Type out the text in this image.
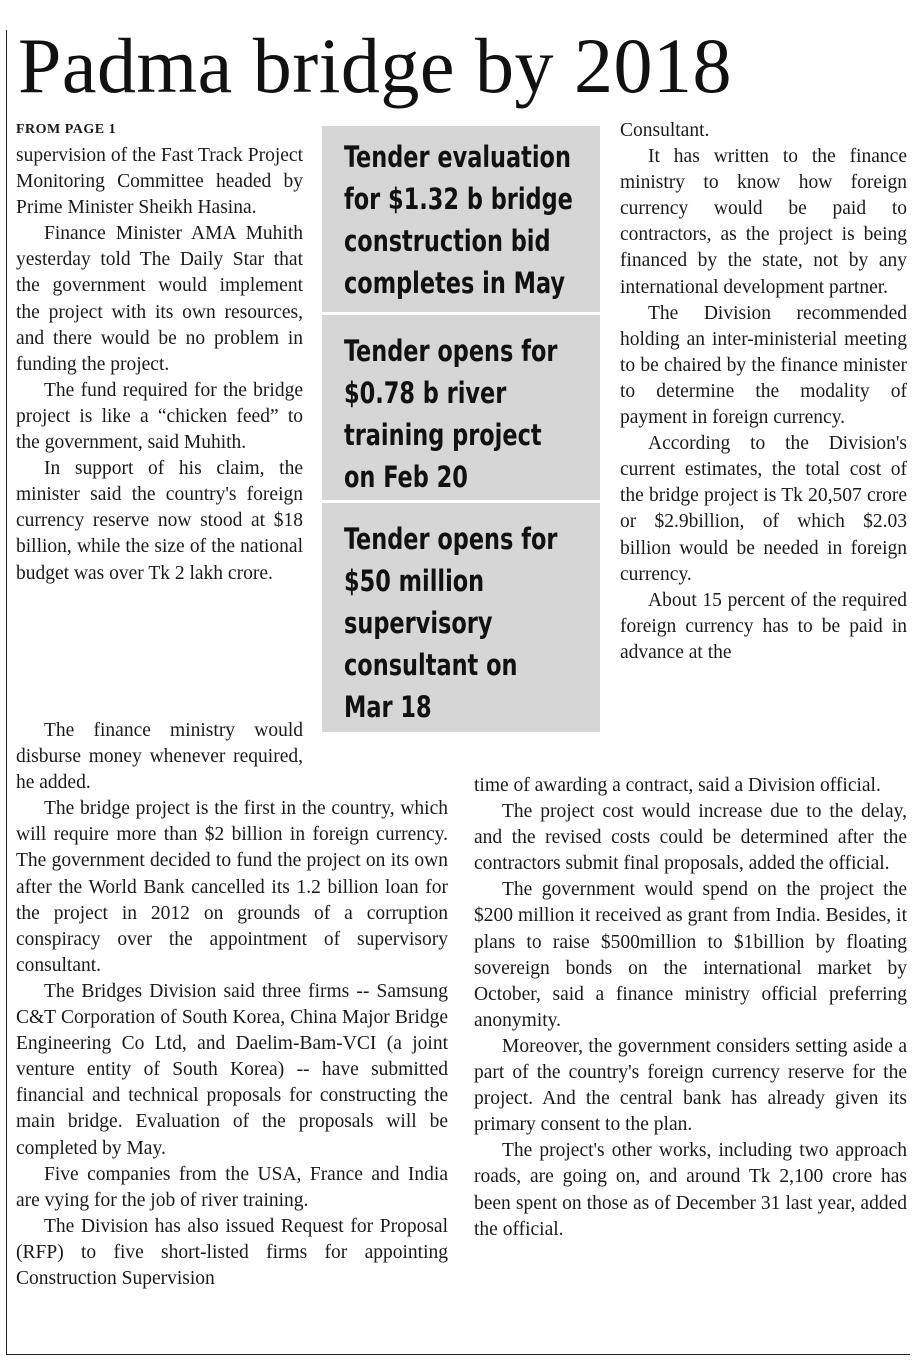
Padma bridge by 2018
FROM PAGE 1

supervision of the Fast Track Project Monitoring Committee headed by Prime Minister Sheikh Hasina.

Finance Minister AMA Muhith yesterday told The Daily Star that the government would implement the project with its own resources, and there would be no problem in funding the project.

The fund required for the bridge project is like a “chicken feed” to the government, said Muhith.

In support of his claim, the minister said the country's foreign currency reserve now stood at $18 billion, while the size of the national budget was over Tk 2 lakh crore.

The finance ministry would disburse money whenever required, he added.

The bridge project is the first in the country, which will require more than $2 billion in foreign currency. The government decided to fund the project on its own after the World Bank cancelled its 1.2 billion loan for the project in 2012 on grounds of a corruption conspiracy over the appointment of supervisory consultant.

The Bridges Division said three firms -- Samsung C&T Corporation of South Korea, China Major Bridge Engineering Co Ltd, and Daelim-Bam-VCI (a joint venture entity of South Korea) -- have submitted financial and technical proposals for constructing the main bridge. Evaluation of the proposals will be completed by May.

Five companies from the USA, France and India are vying for the job of river training.

The Division has also issued Request for Proposal (RFP) to five short-listed firms for appointing Construction Supervision

Tender evaluation
for $1.32 b bridge
construction bid
completes in May
Tender opens for
$0.78 b river
training project
on Feb 20
Tender opens for
$50 million
supervisory
consultant on
Mar 18

Consultant.

It has written to the finance ministry to know how foreign currency would be paid to contractors, as the project is being financed by the state, not by any international development partner.

The Division recommended holding an inter-ministerial meeting to be chaired by the finance minister to determine the modality of payment in foreign currency.

According to the Division's current estimates, the total cost of the bridge project is Tk 20,507 crore or $2.9billion, of which $2.03 billion would be needed in foreign currency.

About 15 percent of the required foreign currency has to be paid in advance at the

time of awarding a contract, said a Division official.

The project cost would increase due to the delay, and the revised costs could be determined after the contractors submit final proposals, added the official.

The government would spend on the project the $200 million it received as grant from India. Besides, it plans to raise $500million to $1billion by floating sovereign bonds on the international market by October, said a finance ministry official preferring anonymity.

Moreover, the government considers setting aside a part of the country's foreign currency reserve for the project. And the central bank has already given its primary consent to the plan.

The project's other works, including two approach roads, are going on, and around Tk 2,100 crore has been spent on those as of December 31 last year, added the official.
